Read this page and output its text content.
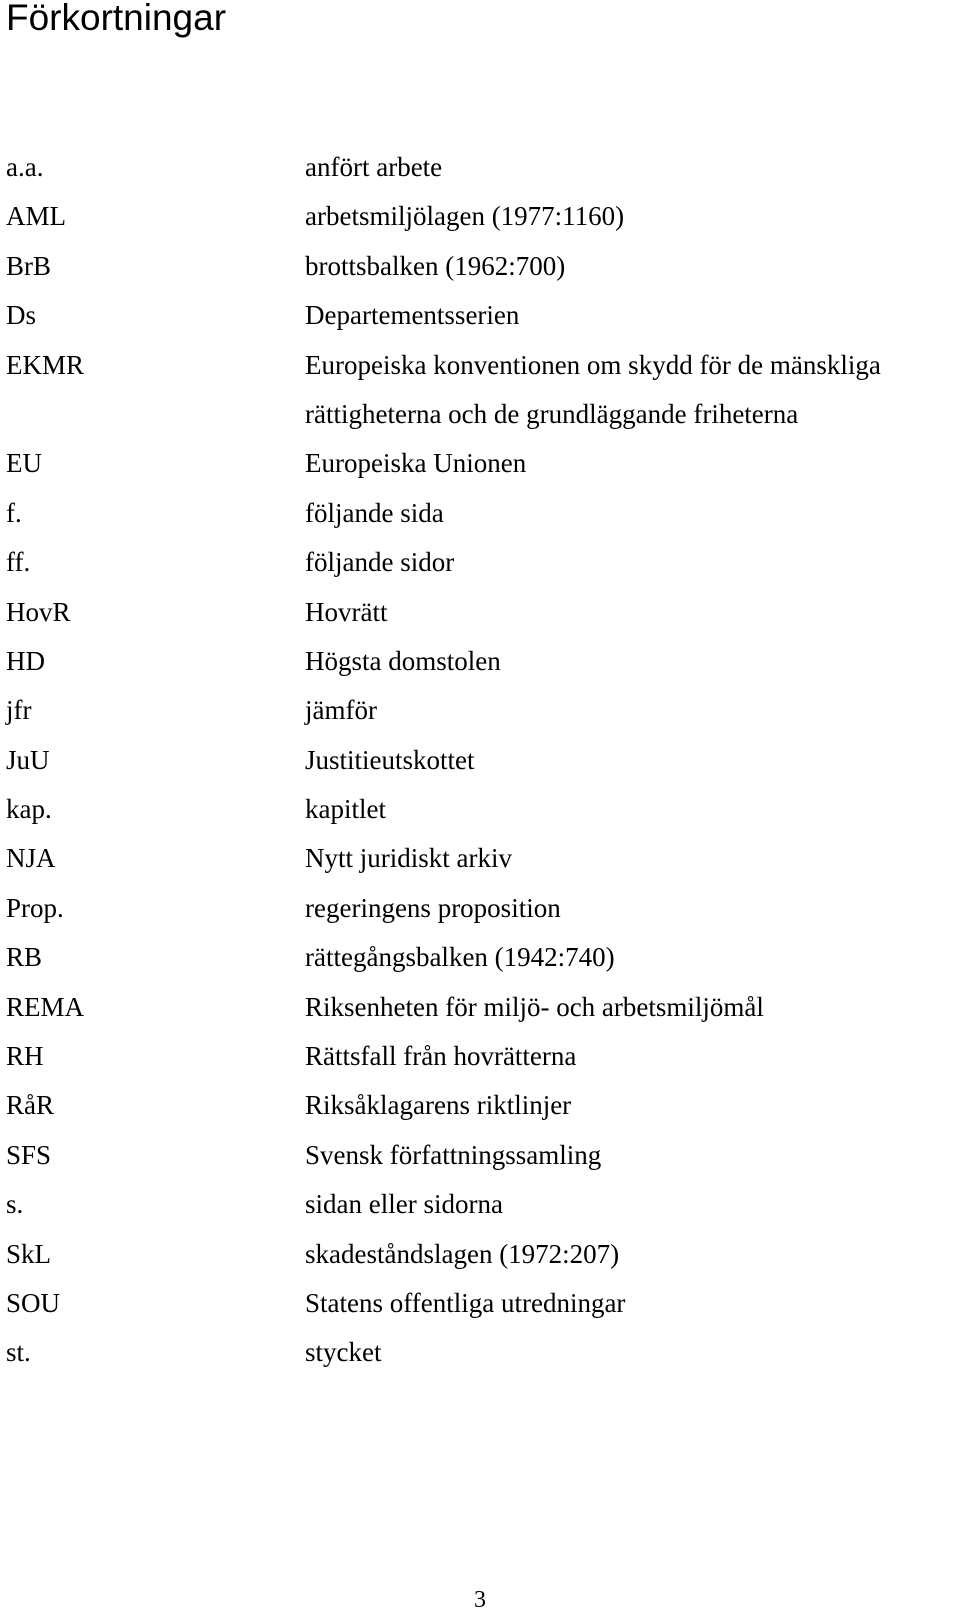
Förkortningar
a.a.	anfört arbete
AML	arbetsmiljölagen (1977:1160)
BrB	brottsbalken (1962:700)
Ds	Departementsserien
EKMR	Europeiska konventionen om skydd för de mänskliga
rättigheterna och de grundläggande friheterna
EU	Europeiska Unionen
f.	följande sida
ff.	följande sidor
HovR	Hovrätt
HD	Högsta domstolen
jfr	jämför
JuU	Justitieutskottet
kap.	kapitlet
NJA	Nytt juridiskt arkiv
Prop.	regeringens proposition
RB	rättegångsbalken (1942:740)
REMA	Riksenheten för miljö- och arbetsmiljömål
RH	Rättsfall från hovrätterna
RåR	Riksåklagarens riktlinjer
SFS	Svensk författningssamling
s.	sidan eller sidorna
SkL	skadeståndslagen (1972:207)
SOU	Statens offentliga utredningar
st.	stycket
3
